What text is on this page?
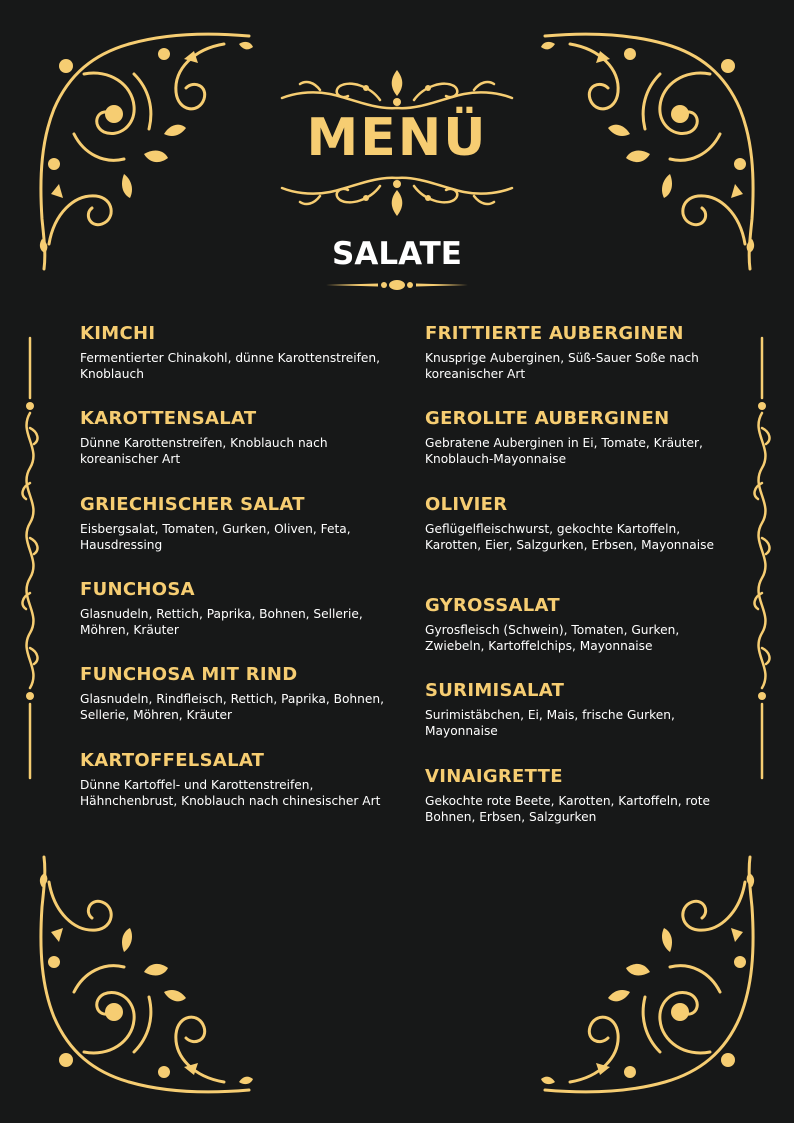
MENÜ
SALATE
KIMCHI
Fermentierter Chinakohl, dünne Karottenstreifen, Knoblauch
KAROTTENSALAT
Dünne Karottenstreifen, Knoblauch nach koreanischer Art
GRIECHISCHER SALAT
Eisbergsalat, Tomaten, Gurken, Oliven, Feta, Hausdressing
FUNCHOSA
Glasnudeln, Rettich, Paprika, Bohnen, Sellerie, Möhren, Kräuter
FUNCHOSA MIT RIND
Glasnudeln, Rindfleisch, Rettich, Paprika, Bohnen, Sellerie, Möhren, Kräuter
KARTOFFELSALAT
Dünne Kartoffel- und Karottenstreifen, Hähnchenbrust, Knoblauch nach chinesischer Art
FRITTIERTE AUBERGINEN
Knusprige Auberginen, Süß-Sauer Soße nach koreanischer Art
GEROLLTE AUBERGINEN
Gebratene Auberginen in Ei, Tomate, Kräuter, Knoblauch-Mayonnaise
OLIVIER
Geflügelfleischwurst, gekochte Kartoffeln, Karotten, Eier, Salzgurken, Erbsen, Mayonnaise
GYROSSALAT
Gyrosfleisch (Schwein), Tomaten, Gurken, Zwiebeln, Kartoffelchips, Mayonnaise
SURIMISALAT
Surimistäbchen, Ei, Mais, frische Gurken, Mayonnaise
VINAIGRETTE
Gekochte rote Beete, Karotten, Kartoffeln, rote Bohnen, Erbsen, Salzgurken
